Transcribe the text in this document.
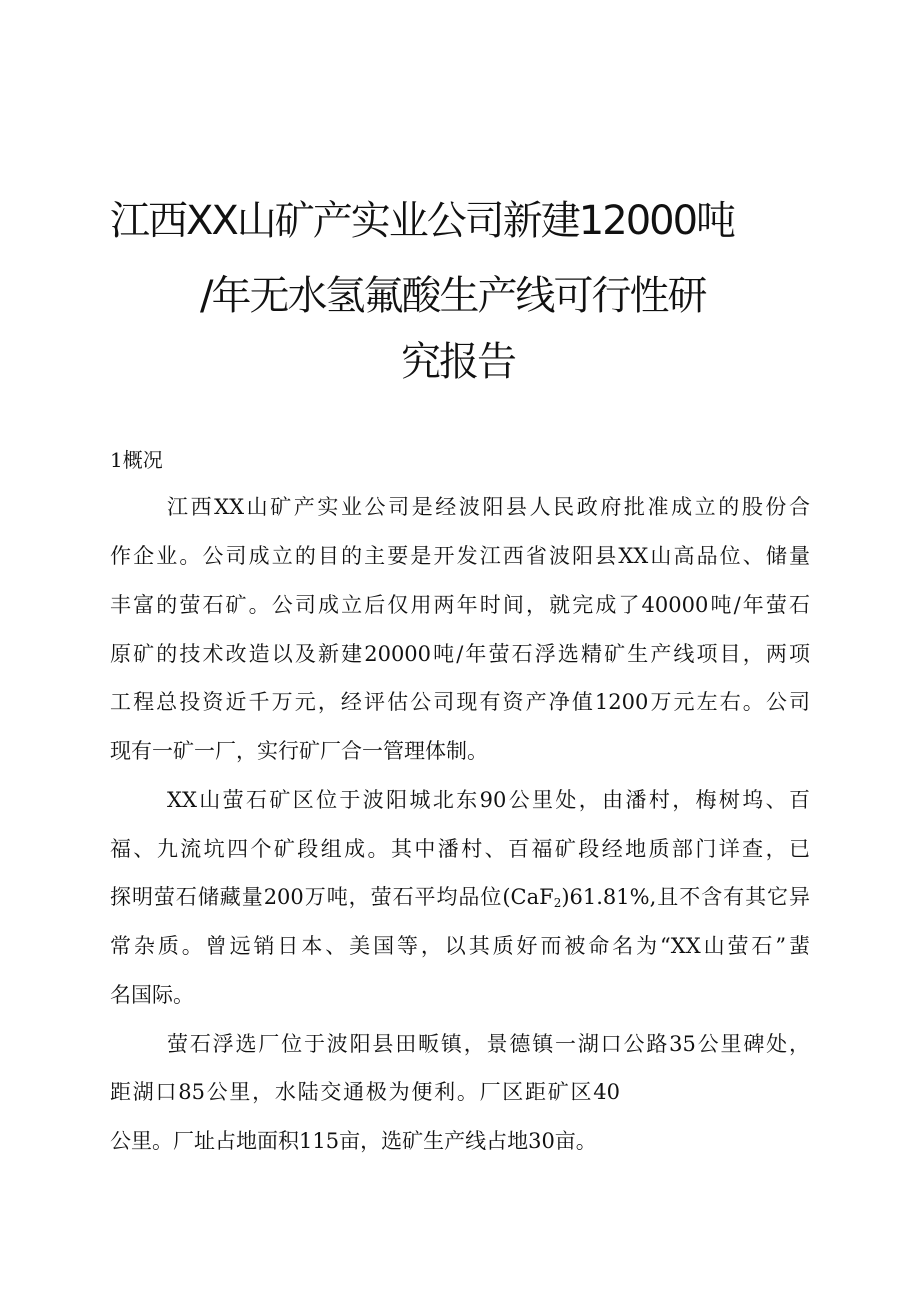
江西XX山矿产实业公司新建12000吨
/年无水氢氟酸生产线可行性研
究报告
1概况
江西XX山矿产实业公司是经波阳县人民政府批准成立的股份合
作企业。公司成立的目的主要是开发江西省波阳县XX山高品位、储量
丰富的萤石矿。公司成立后仅用两年时间，就完成了40000吨/年萤石
原矿的技术改造以及新建20000吨/年萤石浮选精矿生产线项目，两项
工程总投资近千万元，经评估公司现有资产净值1200万元左右。公司
现有一矿一厂，实行矿厂合一管理体制。
XX山萤石矿区位于波阳城北东90公里处，由潘村，梅树坞、百
福、九流坑四个矿段组成。其中潘村、百福矿段经地质部门详查，已
探明萤石储藏量200万吨，萤石平均品位(CaF$_2$)61.81%,且不含有其它异
常杂质。曾远销日本、美国等，以其质好而被命名为“XX山萤石”蜚
名国际。
萤石浮选厂位于波阳县田畈镇，景德镇一湖口公路35公里碑处，
距湖口85公里，水陆交通极为便利。厂区距矿区40
公里。厂址占地面积115亩，选矿生产线占地30亩。
